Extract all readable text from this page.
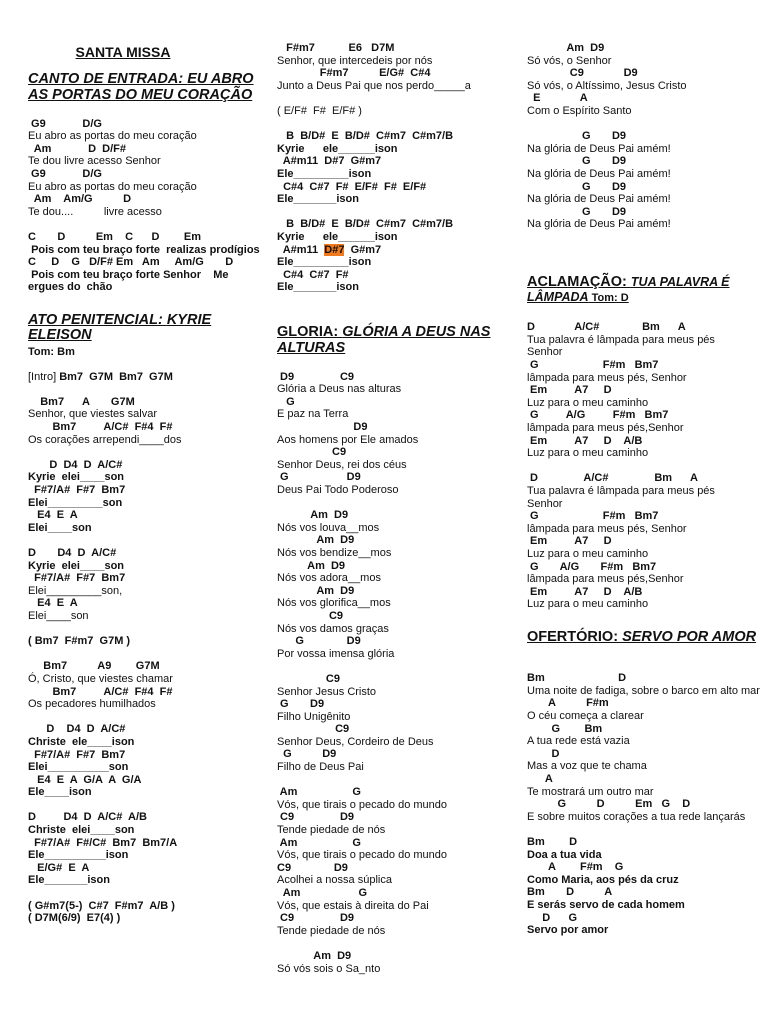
SANTA MISSA
CANTO DE ENTRADA: EU ABRO AS PORTAS DO MEU CORAÇÃO
G9            D/G
Eu abro as portas do meu coração
Am            D  D/F#
Te dou livre acesso Senhor
G9            D/G
Eu abro as portas do meu coração
Am    Am/G          D
Te dou....          livre acesso
C       D          Em    C      D        Em
Pois com teu braço forte  realizas prodígios
C     D    G   D/F# Em   Am     Am/G       D
Pois com teu braço forte Senhor    Me ergues do  chão
ATO PENITENCIAL: KYRIE ELEISON
Tom: Bm
[Intro] Bm7  G7M  Bm7  G7M
Bm7      A       G7M
Senhor, que viestes salvar
Bm7         A/C#  F#4  F#
Os corações arrependi____dos
D  D4  D  A/C#
Kyrie  elei____son
F#7/A#  F#7  Bm7
Elei_________son
E4  E  A
Elei____son
D       D4  D  A/C#
Kyrie  elei____son
F#7/A#  F#7  Bm7
Elei_________son,
E4  E  A
Elei____son
( Bm7  F#m7  G7M )
Bm7          A9        G7M
Ó, Cristo, que viestes chamar
Bm7         A/C#  F#4  F#
Os pecadores humilhados
D    D4  D  A/C#
Christe  ele____ison
F#7/A#  F#7  Bm7
Elei__________son
E4  E  A  G/A  A  G/A
Ele____ison
D         D4  D  A/C#  A/B
Christe  elei____son
F#7/A#  F#/C#  Bm7  Bm7/A
Ele__________ison
E/G#  E  A
Ele_______ison
( G#m7(5-)  C#7  F#m7  A/B )
( D7M(6/9)  E7(4) )
F#m7           E6   D7M
Senhor, que intercedeis por nós
F#m7          E/G#  C#4
Junto a Deus Pai que nos perdo_____a
( E/F#  F#  E/F# )
B  B/D#  E  B/D#  C#m7  C#m7/B
Kyrie      ele______ison
A#m11  D#7  G#m7
Ele_________ison
C#4  C#7  F#  E/F#  F#  E/F#
Ele_______ison
B  B/D#  E  B/D#  C#m7  C#m7/B
Kyrie      ele______ison
A#m11  D#7  G#m7
Ele_________ison
C#4  C#7  F#
Ele_______ison
GLORIA: GLÓRIA A DEUS NAS ALTURAS
D9               C9
Glória a Deus nas alturas
G
E paz na Terra
D9
Aos homens por Ele amados
C9
Senhor Deus, rei dos céus
G                   D9
Deus Pai Todo Poderoso
Am  D9
Nós vos louva__mos
Am  D9
Nós vos bendize__mos
Am  D9
Nós vos adora__mos
Am  D9
Nós vos glorifica__mos
C9
Nós vos damos graças
G              D9
Por vossa imensa glória
C9
Senhor Jesus Cristo
G       D9
Filho Unigênito
C9
Senhor Deus, Cordeiro de Deus
G          D9
Filho de Deus Pai
Am                  G
Vós, que tirais o pecado do mundo
C9               D9
Tende piedade de nós
Am                  G
Vós, que tirais o pecado do mundo
C9              D9
Acolhei a nossa súplica
Am                   G
Vós, que estais à direita do Pai
C9               D9
Tende piedade de nós
Am  D9
Só vós sois o Sa_nto
Am  D9
Só vós, o Senhor
C9             D9
Só vós, o Altíssimo, Jesus Cristo
E             A
Com o Espírito Santo
G       D9
Na glória de Deus Pai amém!
G       D9
Na glória de Deus Pai amém!
G       D9
Na glória de Deus Pai amém!
G       D9
Na glória de Deus Pai amém!
ACLAMAÇÃO: TUA PALAVRA É LÂMPADA Tom: D
D             A/C#              Bm      A
Tua palavra é lâmpada para meus pés
Senhor
G                     F#m   Bm7
lâmpada para meus pés, Senhor
Em         A7     D
Luz para o meu caminho
G         A/G         F#m   Bm7
lâmpada para meus pés,Senhor
Em         A7     D    A/B
Luz para o meu caminho
D               A/C#               Bm      A
Tua palavra é lâmpada para meus pés
Senhor
G                     F#m   Bm7
lâmpada para meus pés, Senhor
Em         A7     D
Luz para o meu caminho
G       A/G       F#m   Bm7
lâmpada para meus pés,Senhor
Em         A7     D    A/B
Luz para o meu caminho
OFERTÓRIO: SERVO POR AMOR
Bm                        D
Uma noite de fadiga, sobre o barco em alto mar
A          F#m
O céu começa a clarear
G        Bm
A tua rede está vazia
D
Mas a voz que te chama
A
Te mostrará um outro mar
G          D          Em   G    D
E sobre muitos corações a tua rede lançarás
Bm        D
Doa a tua vida
A        F#m    G
Como Maria, aos pés da cruz
Bm       D          A
E serás servo de cada homem
D      G
Servo por amor
